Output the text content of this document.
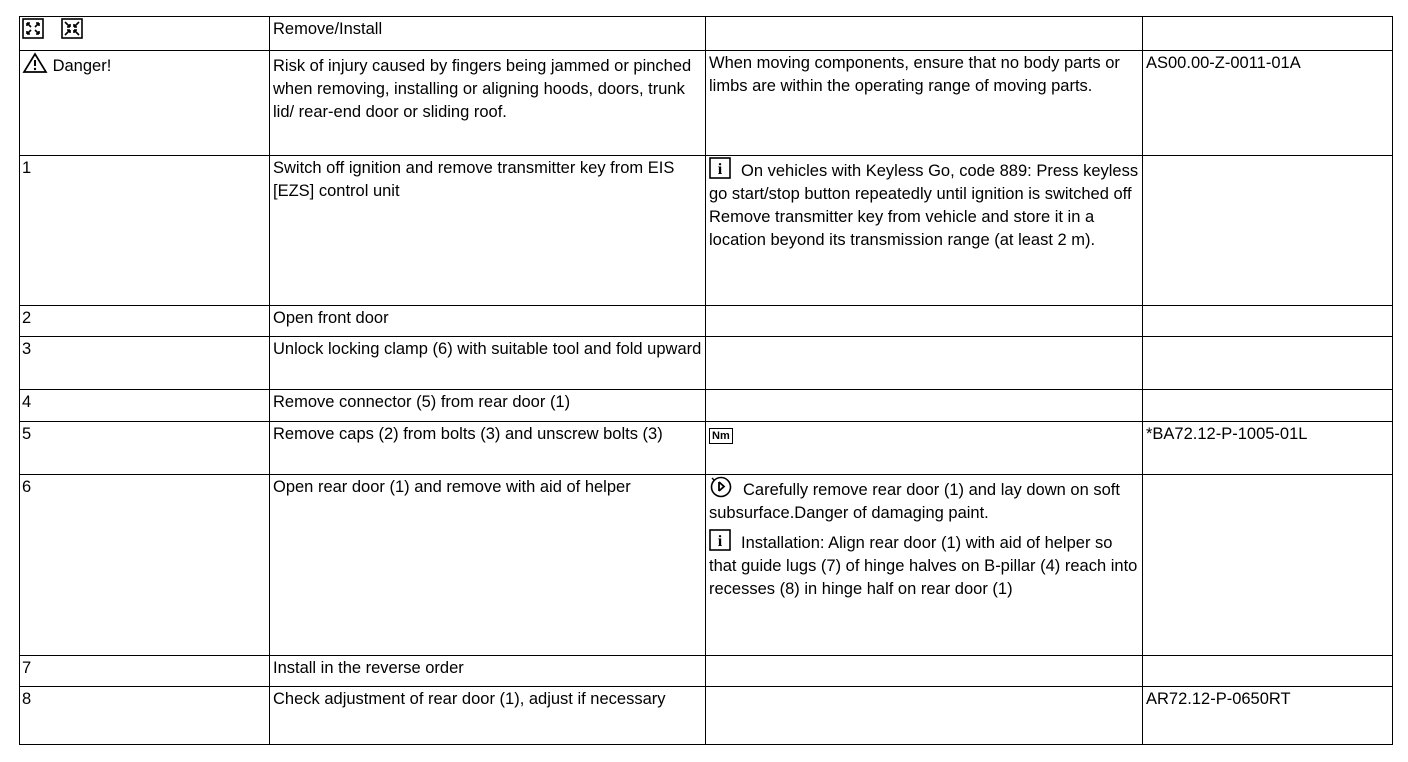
	Remove/Install		
Danger!	Risk of injury caused by fingers being jammed or pinched when removing, installing or aligning hoods, doors, trunk lid/ rear-end door or sliding roof.	When moving components, ensure that no body parts or limbs are within the operating range of moving parts.	AS00.00-Z-0011-01A
1	Switch off ignition and remove transmitter key from EIS [EZS] control unit	i On vehicles with Keyless Go, code 889: Press keyless go start/stop button repeatedly until ignition is switched off Remove transmitter key from vehicle and store it in a location beyond its transmission range (at least 2 m).	
2	Open front door		
3	Unlock locking clamp (6) with suitable tool and fold upward		
4	Remove connector (5) from rear door (1)		
5	Remove caps (2) from bolts (3) and unscrew bolts (3)	Nm	*BA72.12-P-1005-01L
6	Open rear door (1) and remove with aid of helper	Carefully remove rear door (1) and lay down on soft subsurface.Danger of damaging paint.

i Installation: Align rear door (1) with aid of helper so that guide lugs (7) of hinge halves on B-pillar (4) reach into recesses (8) in hinge half on rear door (1)	

7	Install in the reverse order		
8	Check adjustment of rear door (1), adjust if necessary		AR72.12-P-0650RT
